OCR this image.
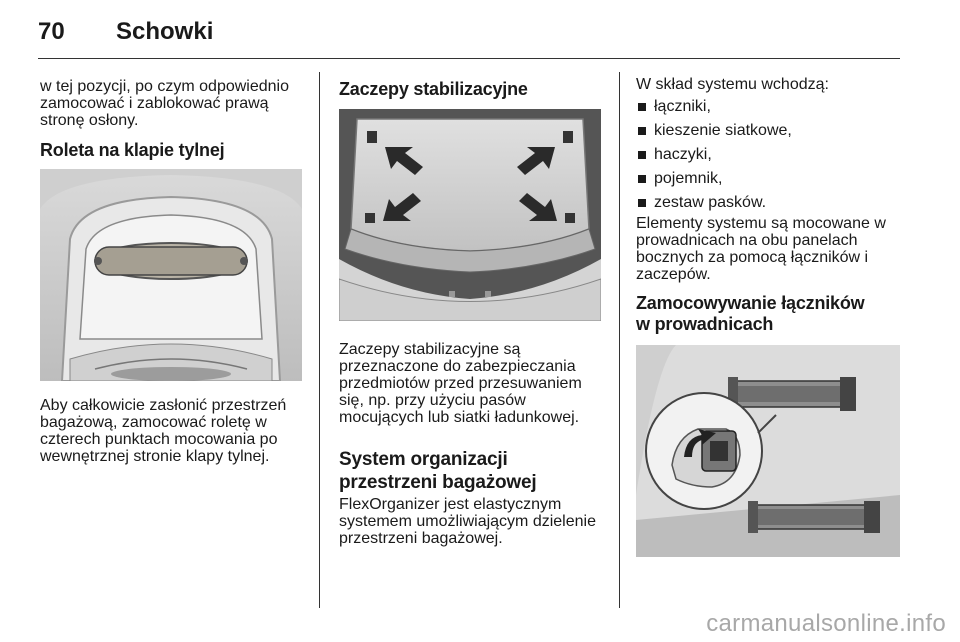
70	Schowki

w tej pozycji, po czym odpowiednio zamocować i zablokować prawą stronę osłony.

Roleta na klapie tylnej

Aby całkowicie zasłonić przestrzeń bagażową, zamocować roletę w czterech punktach mocowania po wewnętrznej stronie klapy tylnej.

Zaczepy stabilizacyjne

Zaczepy stabilizacyjne są przeznaczone do zabezpieczania przedmiotów przed przesuwaniem się, np. przy użyciu pasów mocujących lub siatki ładunkowej.

System organizacji
przestrzeni bagażowej

FlexOrganizer jest elastycznym systemem umożliwiającym dzielenie przestrzeni bagażowej.

W skład systemu wchodzą:

łączniki,
kieszenie siatkowe,
haczyki,
pojemnik,
zestaw pasków.

Elementy systemu są mocowane w prowadnicach na obu panelach bocznych za pomocą łączników i zaczepów.

Zamocowywanie łączników
w prowadnicach
carmanualsonline.info
